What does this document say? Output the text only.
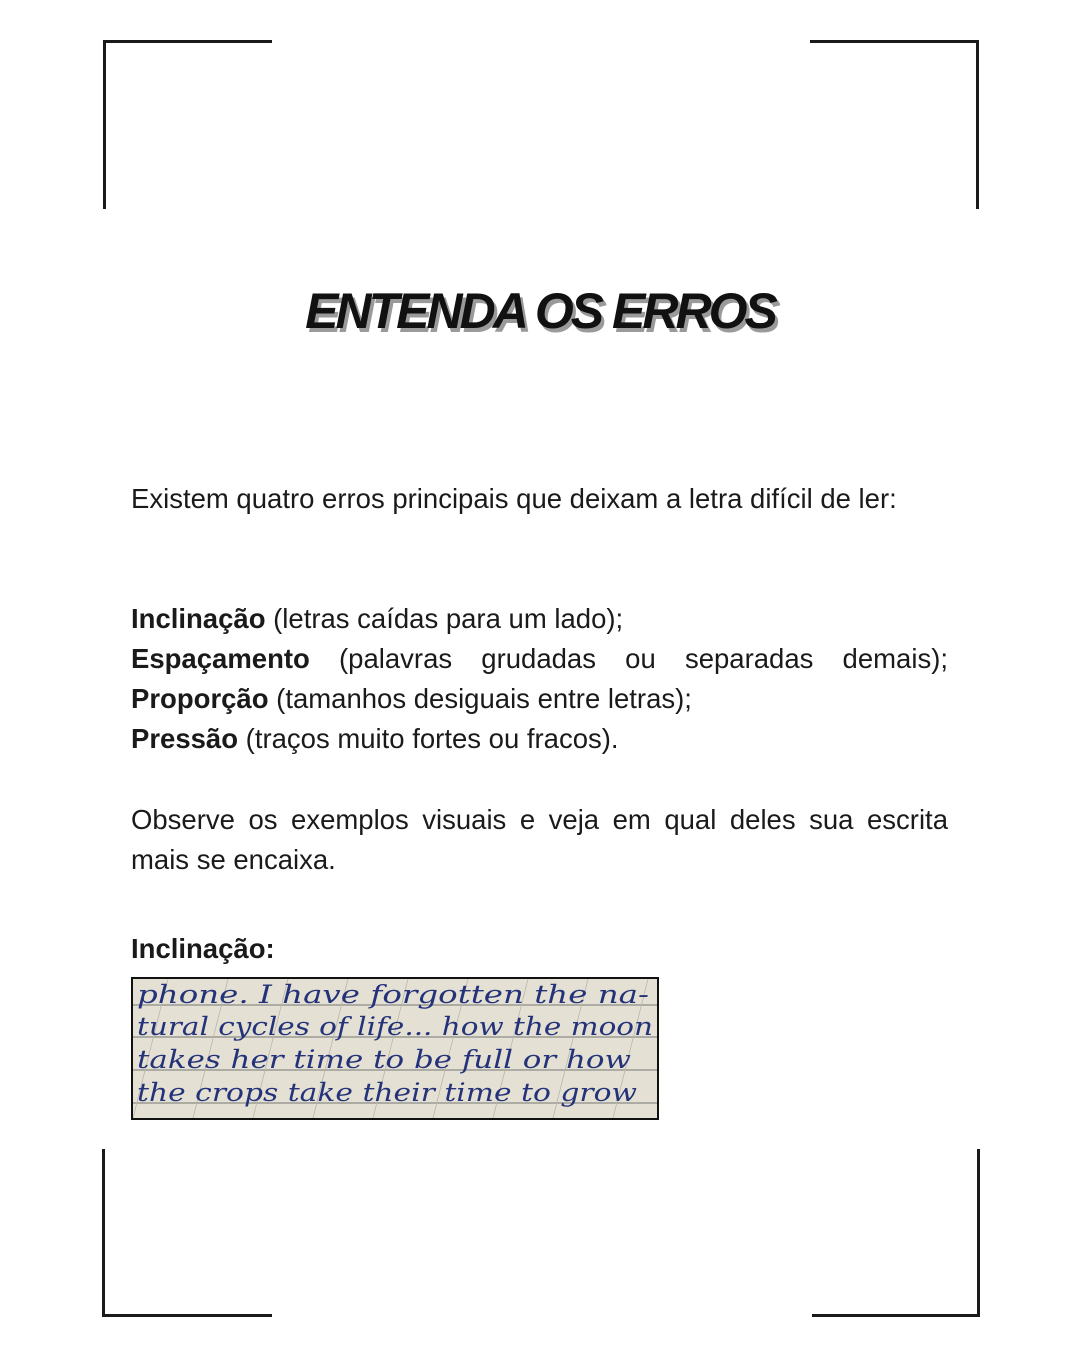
ENTENDA OS ERROS
Existem quatro erros principais que deixam a letra difícil de ler:
Inclinação (letras caídas para um lado);
Espaçamento (palavras grudadas ou separadas demais);
Proporção (tamanhos desiguais entre letras);
Pressão (traços muito fortes ou fracos).
Observe os exemplos visuais e veja em qual deles sua escrita mais se encaixa.
Inclinação:
phone. I have forgotten the na-
tural cycles of life... how the moon
takes her time to be full or how
the crops take their time to grow
